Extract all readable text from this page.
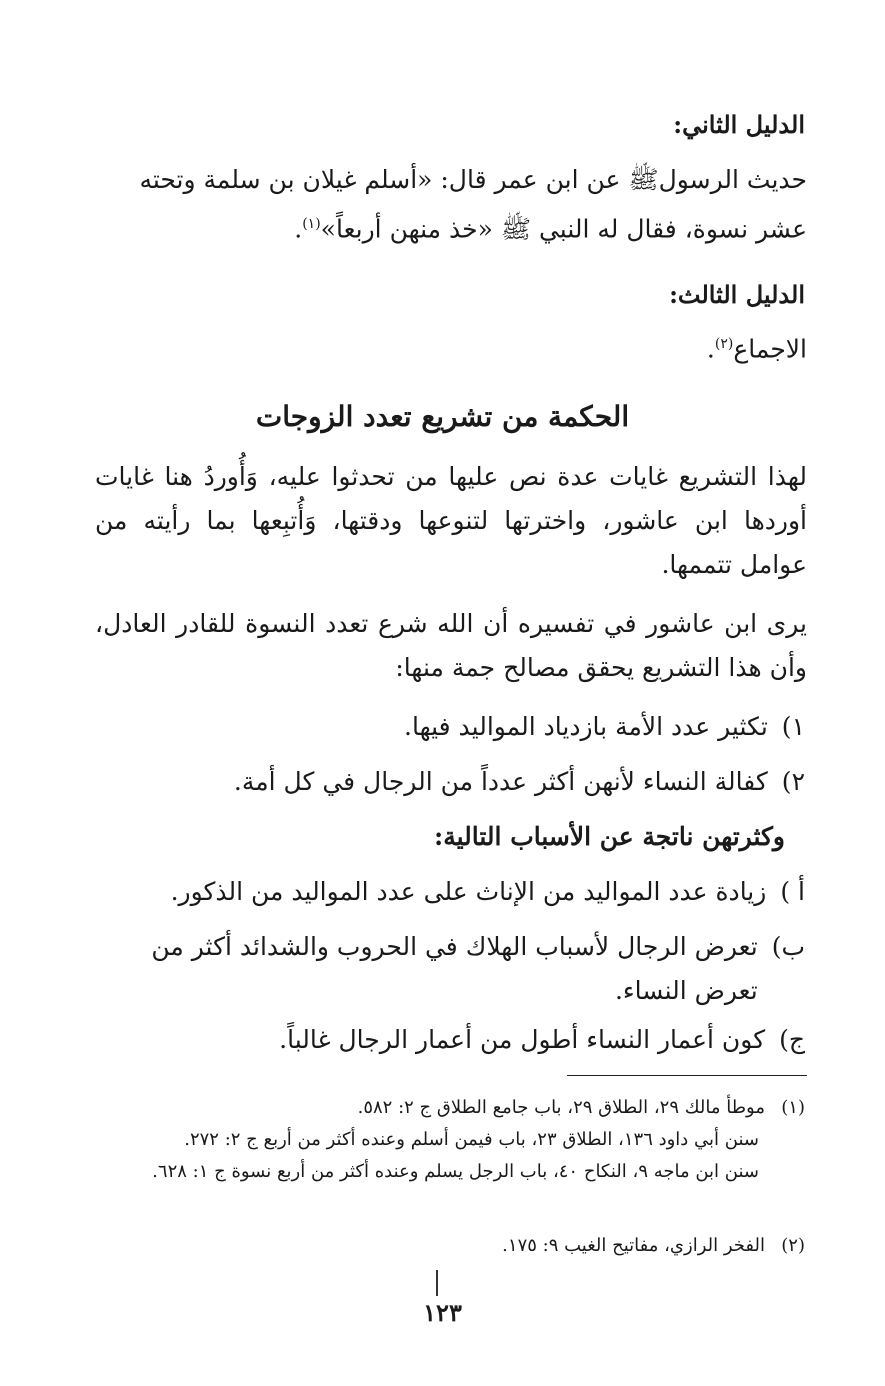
الدليل الثاني:
حديث الرسولﷺ عن ابن عمر قال: «أسلم غيلان بن سلمة وتحته
عشر نسوة، فقال له النبي ﷺ «خذ منهن أربعاً»$^{(١)}$.
الدليل الثالث:
الاجماع$^{(٢)}$.
الحكمة من تشريع تعدد الزوجات
لهذا التشريع غايات عدة نص عليها من تحدثوا عليه، وَأُوردُ هنا غايات أوردها ابن عاشور، واخترتها لتنوعها ودقتها، وَأُتبِعها بما رأيته من عوامل تتممها.
يرى ابن عاشور في تفسيره أن الله شرع تعدد النسوة للقادر العادل، وأن هذا التشريع يحقق مصالح جمة منها:
١)
تكثير عدد الأمة بازدياد المواليد فيها.
٢)
كفالة النساء لأنهن أكثر عدداً من الرجال في كل أمة.
وكثرتهن ناتجة عن الأسباب التالية:
أ )
زيادة عدد المواليد من الإناث على عدد المواليد من الذكور.
ب)
تعرض الرجال لأسباب الهلاك في الحروب والشدائد أكثر من تعرض النساء.
ج)
كون أعمار النساء أطول من أعمار الرجال غالباً.
(١)موطأ مالك ٢٩، الطلاق ٢٩، باب جامع الطلاق ج ٢: ٥٨٢.
سنن أبي داود ١٣٦، الطلاق ٢٣، باب فيمن أسلم وعنده أكثر من أربع ج ٢: ٢٧٢.
سنن ابن ماجه ٩، النكاح ٤٠، باب الرجل يسلم وعنده أكثر من أربع نسوة ج ١: ٦٢٨.
(٢)الفخر الرازي، مفاتيح الغيب ٩: ١٧٥.
١٢٣
